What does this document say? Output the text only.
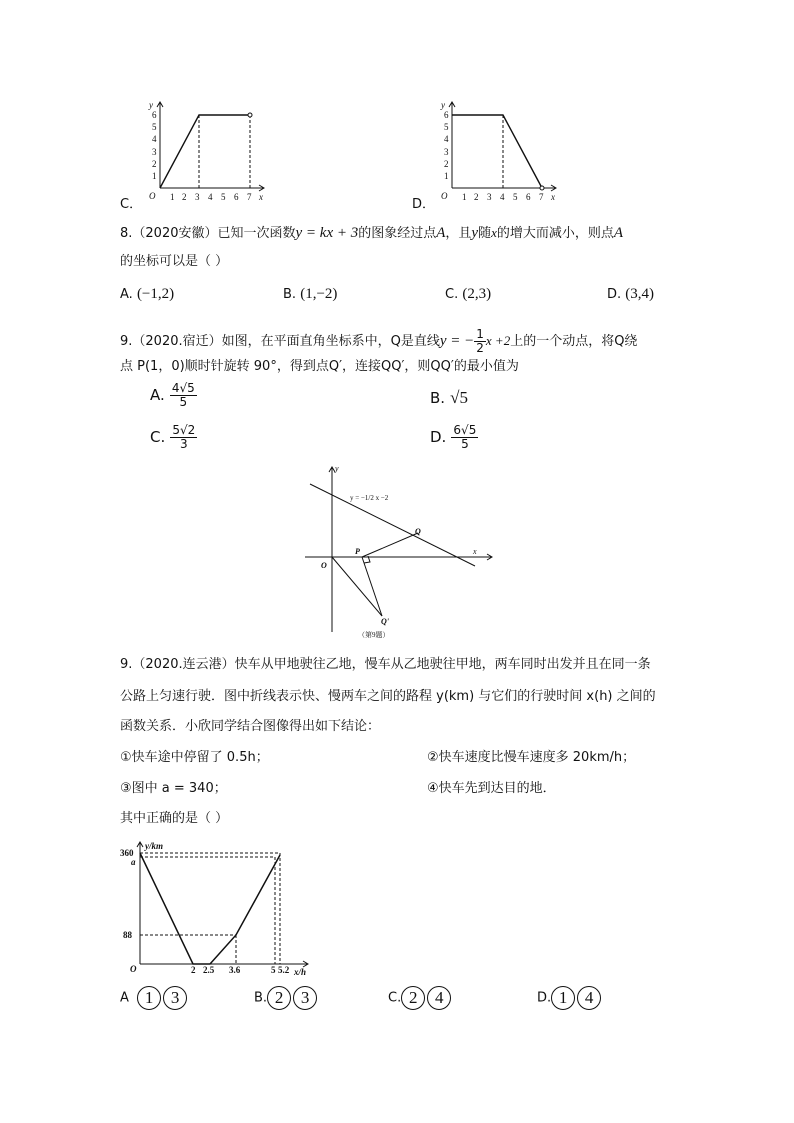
y
x
O
1
2
3
4
5
6
1 2 3 4 5 6 7
C．
y
x
O
1
2
3
4
5
6
1 2 3 4 5 6 7
D．
8.（2020安徽）已知一次函数y = kx + 3的图象经过点A，且y随x的增大而减小，则点A
的坐标可以是（ ）
A. (−1,2)	B. (1,−2)	C. (2,3)	D. (3,4)
9.（2020.宿迁）如图，在平面直角坐标系中，Q是直线y = − $\frac{1}{2}$ x +2上的一个动点，将Q绕
点 P(1，0)顺时针旋转 90°，得到点Q′，连接QQ′，则QQ′的最小值为
A. $\frac{4√5}{5}$	B. √5
C. $\frac{5√2}{3}$	D. $\frac{6√5}{5}$
y = −1/2 x −2
y
x
O
P
Q
Q'
（第9题）
9.（2020.连云港）快车从甲地驶往乙地，慢车从乙地驶往甲地，两车同时出发并且在同一条
公路上匀速行驶．图中折线表示快、慢两车之间的路程 y(km) 与它们的行驶时间 x(h) 之间的
函数关系．小欣同学结合图像得出如下结论：
①快车途中停留了 0.5h；	②快车速度比慢车速度多 20km/h；
③图中 a = 340；	④快车先到达目的地．
其中正确的是（ ）
y/km
x/h
O
360
a
88
2 2.5 3.6	5 5.2
A 1 3	B. 2 3	C. 2 4	D. 1 4
